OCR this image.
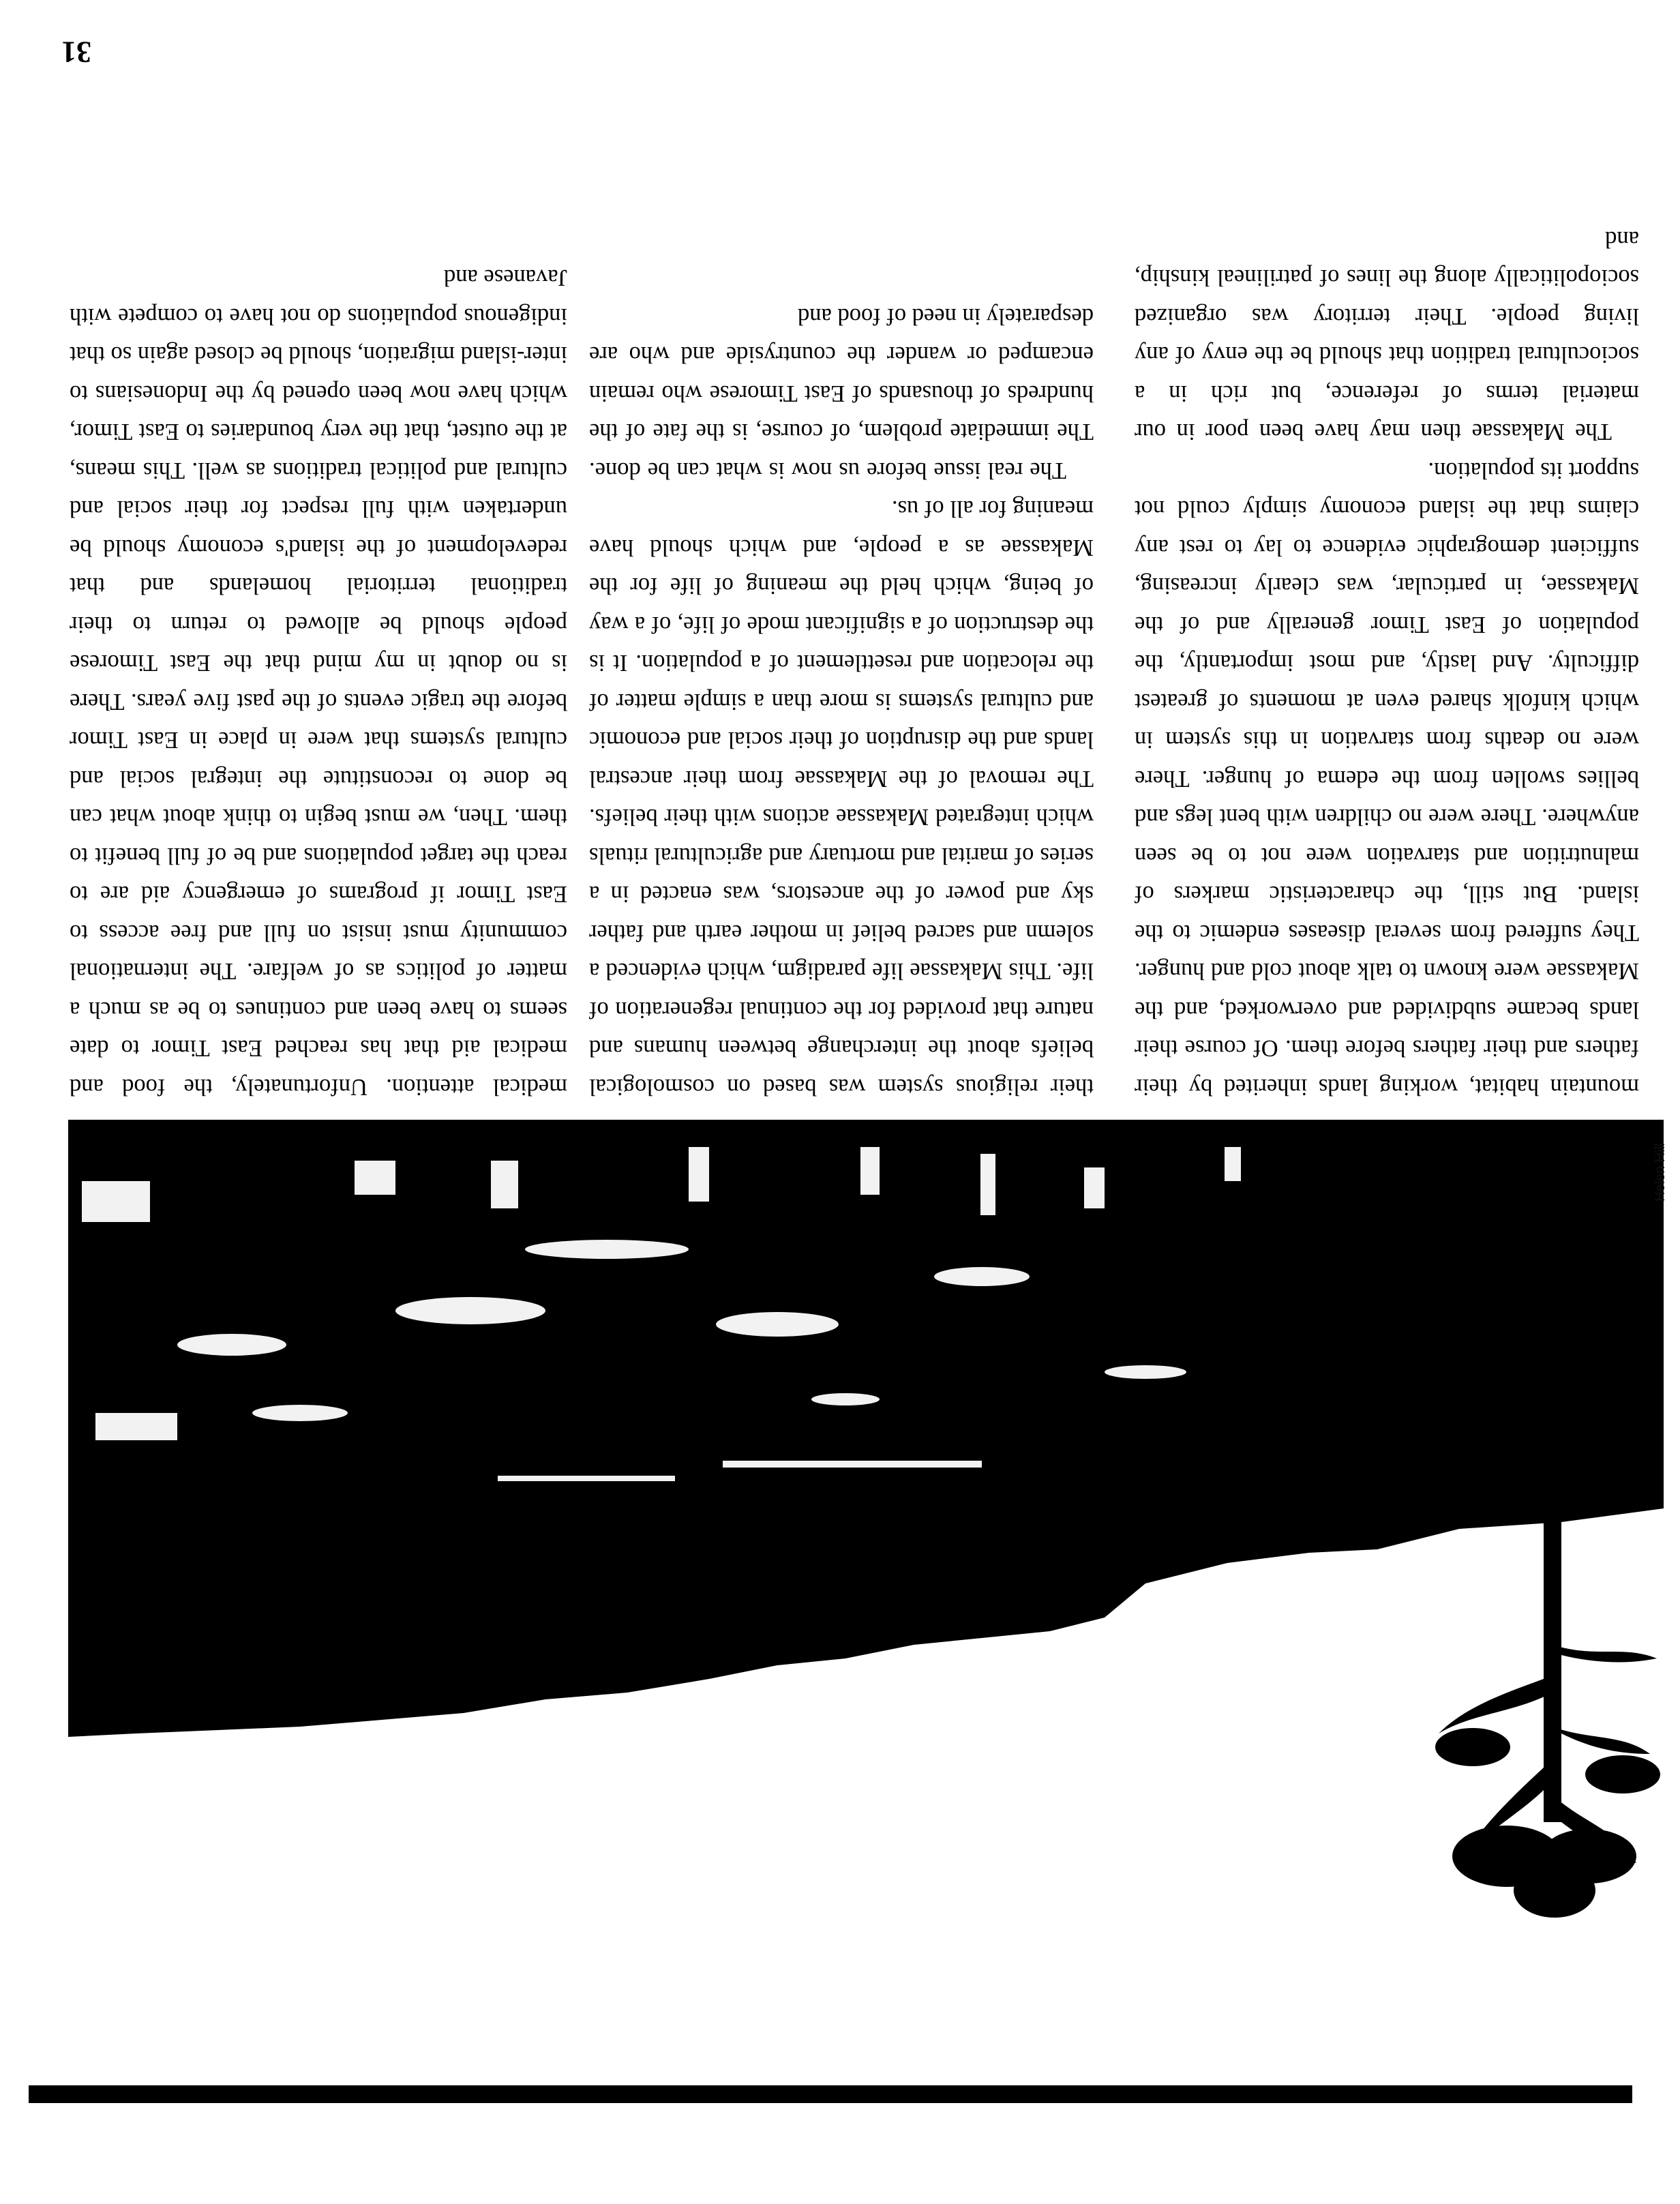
Helen Hill

mountain habitat, working lands inherited by their fathers and their fathers before them. Of course their lands became subdivided and overworked, and the Makassae were known to talk about cold and hunger. They suffered from several diseases endemic to the island. But still, the characteristic markers of malnutrition and starvation were not to be seen anywhere. There were no children with bent legs and bellies swollen from the edema of hunger. There were no deaths from starvation in this system in which kinfolk shared even at moments of greatest difficulty. And lastly, and most importantly, the population of East Timor generally and of the Makassae, in particular, was clearly increasing, sufficient demographic evidence to lay to rest any claims that the island economy simply could not support its population.

The Makassae then may have been poor in our material terms of reference, but rich in a sociocultural tradition that should be the envy of any living people. Their territory was organized sociopolitically along the lines of patrilineal kinship, and

their religious system was based on cosmological beliefs about the interchange between humans and nature that provided for the continual regeneration of life. This Makassae life paradigm, which evidenced a solemn and sacred belief in mother earth and father sky and power of the ancestors, was enacted in a series of marital and mortuary and agricultural rituals which integrated Makassae actions with their beliefs. The removal of the Makassae from their ancestral lands and the disruption of their social and economic and cultural systems is more than a simple matter of the relocation and resettlement of a population. It is the destruction of a significant mode of life, of a way of being, which held the meaning of life for the Makassae as a people, and which should have meaning for all of us.

The real issue before us now is what can be done. The immediate problem, of course, is the fate of the hundreds of thousands of East Timorese who remain encamped or wander the countryside and who are desparately in need of food and

medical attention. Unfortunately, the food and medical aid that has reached East Timor to date seems to have been and continues to be as much a matter of politics as of welfare. The international community must insist on full and free access to East Timor if programs of emergency aid are to reach the target populations and be of full benefit to them. Then, we must begin to think about what can be done to reconstitute the integral social and cultural systems that were in place in East Timor before the tragic events of the past five years. There is no doubt in my mind that the East Timorese people should be allowed to return to their traditional territorial homelands and that redevelopment of the island's economy should be undertaken with full respect for their social and cultural and political traditions as well. This means, at the outset, that the very boundaries to East Timor, which have now been opened by the Indonesians to inter-island migration, should be closed again so that indigenous populations do not have to compete with Javanese and

31
